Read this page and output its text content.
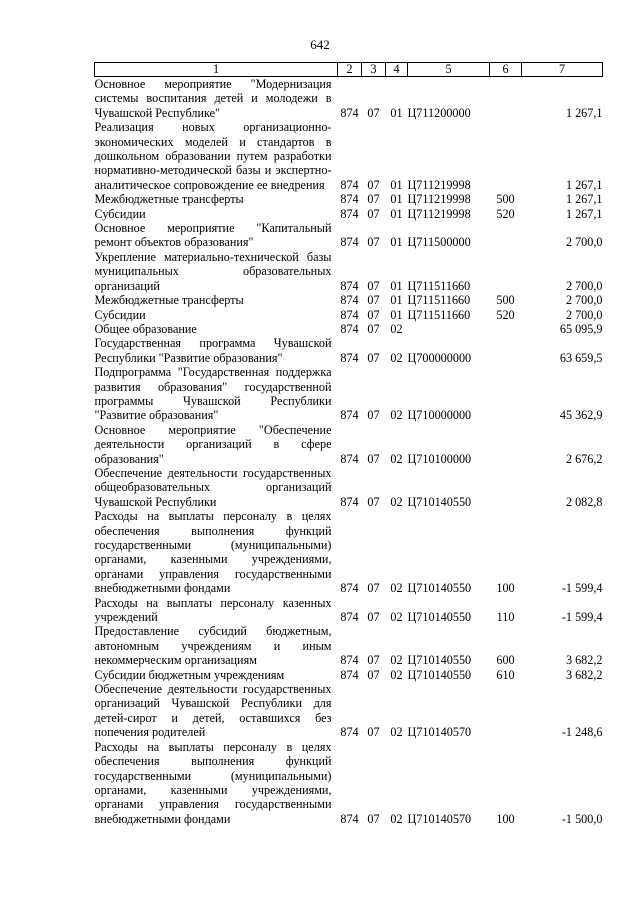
642
1	2	3	4	5	6	7
Основное мероприятие "Модернизация системы воспитания детей и молодежи в Чувашской Республике"	874	07	01	Ц711200000		1 267,1
Реализация новых организационно-экономических моделей и стандартов в дошкольном образовании путем разработки нормативно-методической базы и экспертно-аналитическое сопровождение ее внедрения	874	07	01	Ц711219998		1 267,1
Межбюджетные трансферты	874	07	01	Ц711219998	500	1 267,1
Субсидии	874	07	01	Ц711219998	520	1 267,1
Основное мероприятие "Капитальный ремонт объектов образования"	874	07	01	Ц711500000		2 700,0
Укрепление материально-технической базы муниципальных образовательных организаций	874	07	01	Ц711511660		2 700,0
Межбюджетные трансферты	874	07	01	Ц711511660	500	2 700,0
Субсидии	874	07	01	Ц711511660	520	2 700,0
Общее образование	874	07	02			65 095,9
Государственная программа Чувашской Республики "Развитие образования"	874	07	02	Ц700000000		63 659,5
Подпрограмма "Государственная поддержка развития образования" государственной программы Чувашской Республики "Развитие образования"	874	07	02	Ц710000000		45 362,9
Основное мероприятие "Обеспечение деятельности организаций в сфере образования"	874	07	02	Ц710100000		2 676,2
Обеспечение деятельности государственных общеобразовательных организаций Чувашской Республики	874	07	02	Ц710140550		2 082,8
Расходы на выплаты персоналу в целях обеспечения выполнения функций государственными (муниципальными) органами, казенными учреждениями, органами управления государственными внебюджетными фондами	874	07	02	Ц710140550	100	-1 599,4
Расходы на выплаты персоналу казенных учреждений	874	07	02	Ц710140550	110	-1 599,4
Предоставление субсидий бюджетным, автономным учреждениям и иным некоммерческим организациям	874	07	02	Ц710140550	600	3 682,2
Субсидии бюджетным учреждениям	874	07	02	Ц710140550	610	3 682,2
Обеспечение деятельности государственных организаций Чувашской Республики для детей-сирот и детей, оставшихся без попечения родителей	874	07	02	Ц710140570		-1 248,6
Расходы на выплаты персоналу в целях обеспечения выполнения функций государственными (муниципальными) органами, казенными учреждениями, органами управления государственными внебюджетными фондами	874	07	02	Ц710140570	100	-1 500,0
